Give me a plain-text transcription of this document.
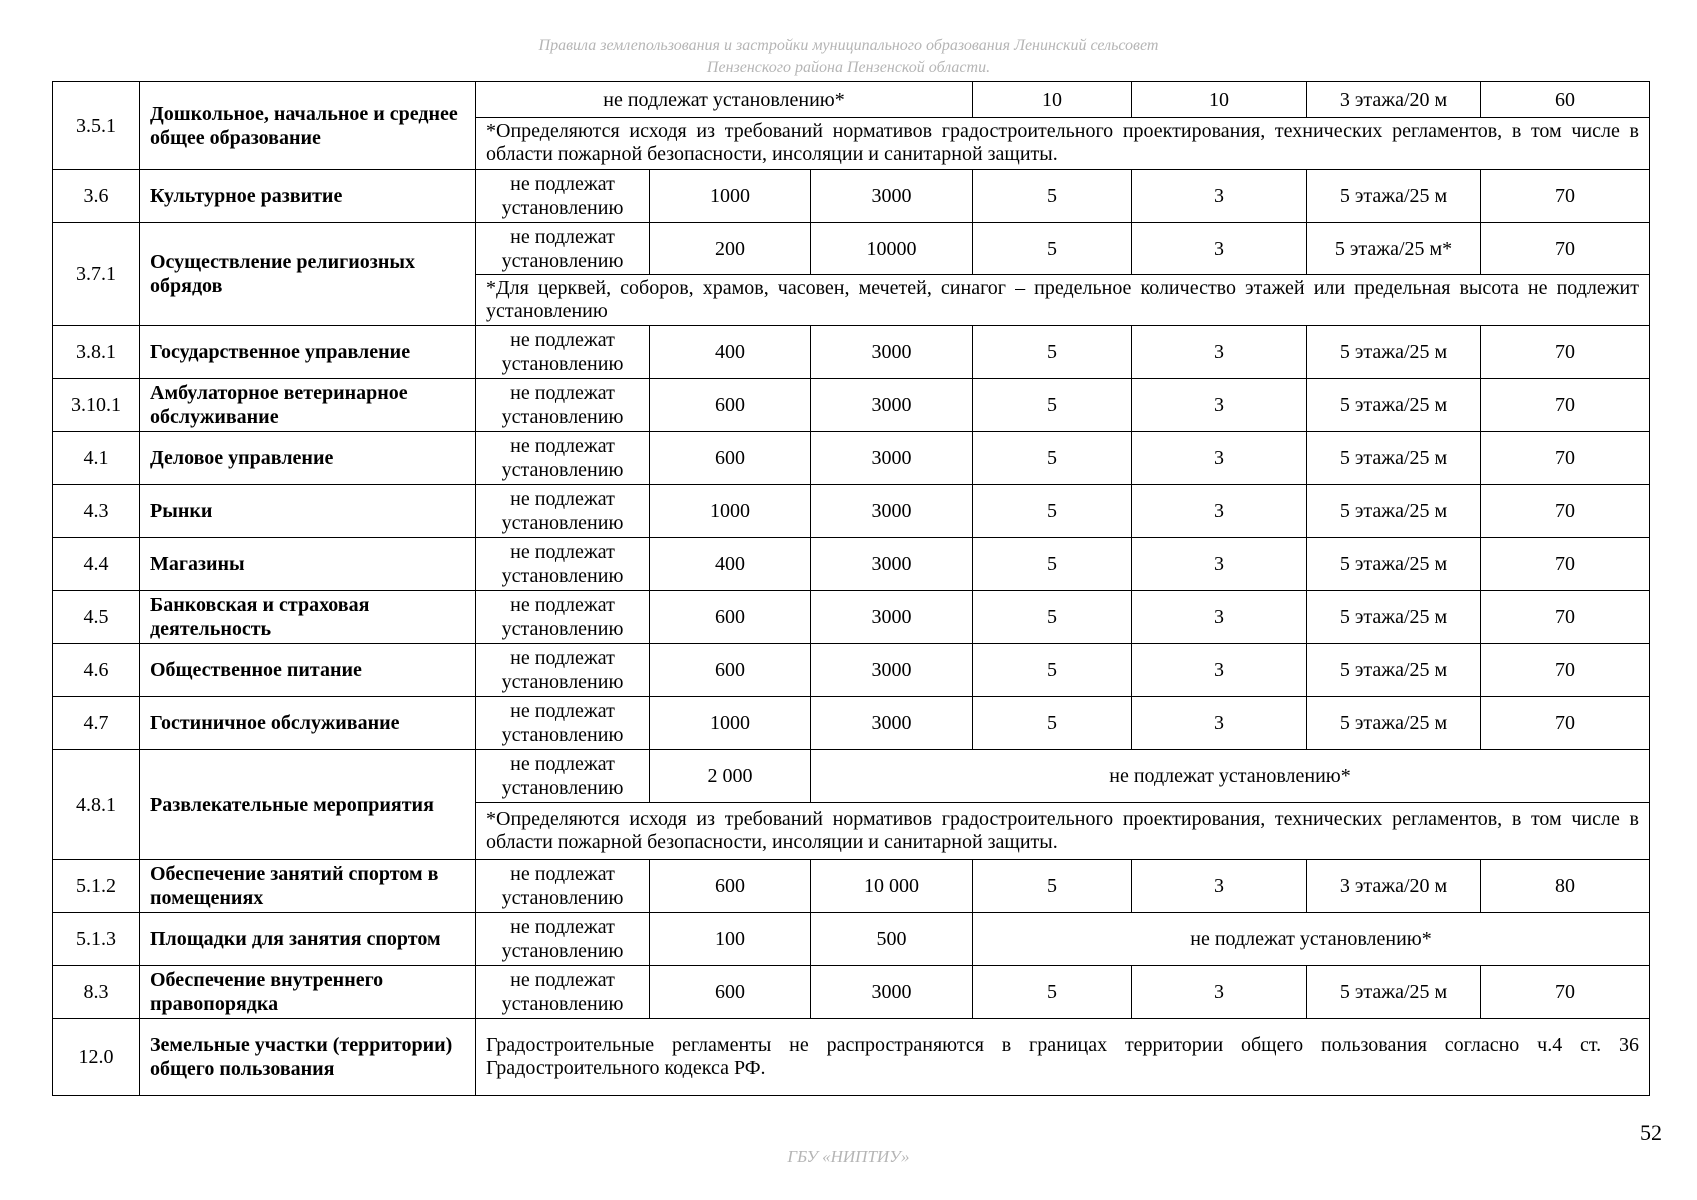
Правила землепользования и застройки муниципального образования Ленинский сельсовет
Пензенского района Пензенской области.
3.5.1	Дошкольное, начальное и среднее общее образование	не подлежат установлению*			10	10	3 этажа/20 м	60
		*Определяются исходя из требований нормативов градостроительного проектирования, технических регламентов, в том числе в области пожарной безопасности, инсоляции и санитарной защиты.						
3.6	Культурное развитие	не подлежат установлению	1000	3000	5	3	5 этажа/25 м	70
3.7.1	Осуществление религиозных обрядов	не подлежат установлению	200	10000	5	3	5 этажа/25 м*	70
		*Для церквей, соборов, храмов, часовен, мечетей, синагог – предельное количество этажей или предельная высота не подлежит установлению						
3.8.1	Государственное управление	не подлежат установлению	400	3000	5	3	5 этажа/25 м	70
3.10.1	Амбулаторное ветеринарное обслуживание	не подлежат установлению	600	3000	5	3	5 этажа/25 м	70
4.1	Деловое управление	не подлежат установлению	600	3000	5	3	5 этажа/25 м	70
4.3	Рынки	не подлежат установлению	1000	3000	5	3	5 этажа/25 м	70
4.4	Магазины	не подлежат установлению	400	3000	5	3	5 этажа/25 м	70
4.5	Банковская и страховая деятельность	не подлежат установлению	600	3000	5	3	5 этажа/25 м	70
4.6	Общественное питание	не подлежат установлению	600	3000	5	3	5 этажа/25 м	70
4.7	Гостиничное обслуживание	не подлежат установлению	1000	3000	5	3	5 этажа/25 м	70
4.8.1	Развлекательные мероприятия	не подлежат установлению	2 000	не подлежат установлению*				
		*Определяются исходя из требований нормативов градостроительного проектирования, технических регламентов, в том числе в области пожарной безопасности, инсоляции и санитарной защиты.						
5.1.2	Обеспечение занятий спортом в помещениях	не подлежат установлению	600	10 000	5	3	3 этажа/20 м	80
5.1.3	Площадки для занятия спортом	не подлежат установлению	100	500	не подлежат установлению*			
8.3	Обеспечение внутреннего правопорядка	не подлежат установлению	600	3000	5	3	5 этажа/25 м	70
12.0	Земельные участки (территории) общего пользования	Градостроительные регламенты не распространяются в границах территории общего пользования согласно ч.4 ст. 36 Градостроительного кодекса РФ.						
52
ГБУ «НИПТИУ»
